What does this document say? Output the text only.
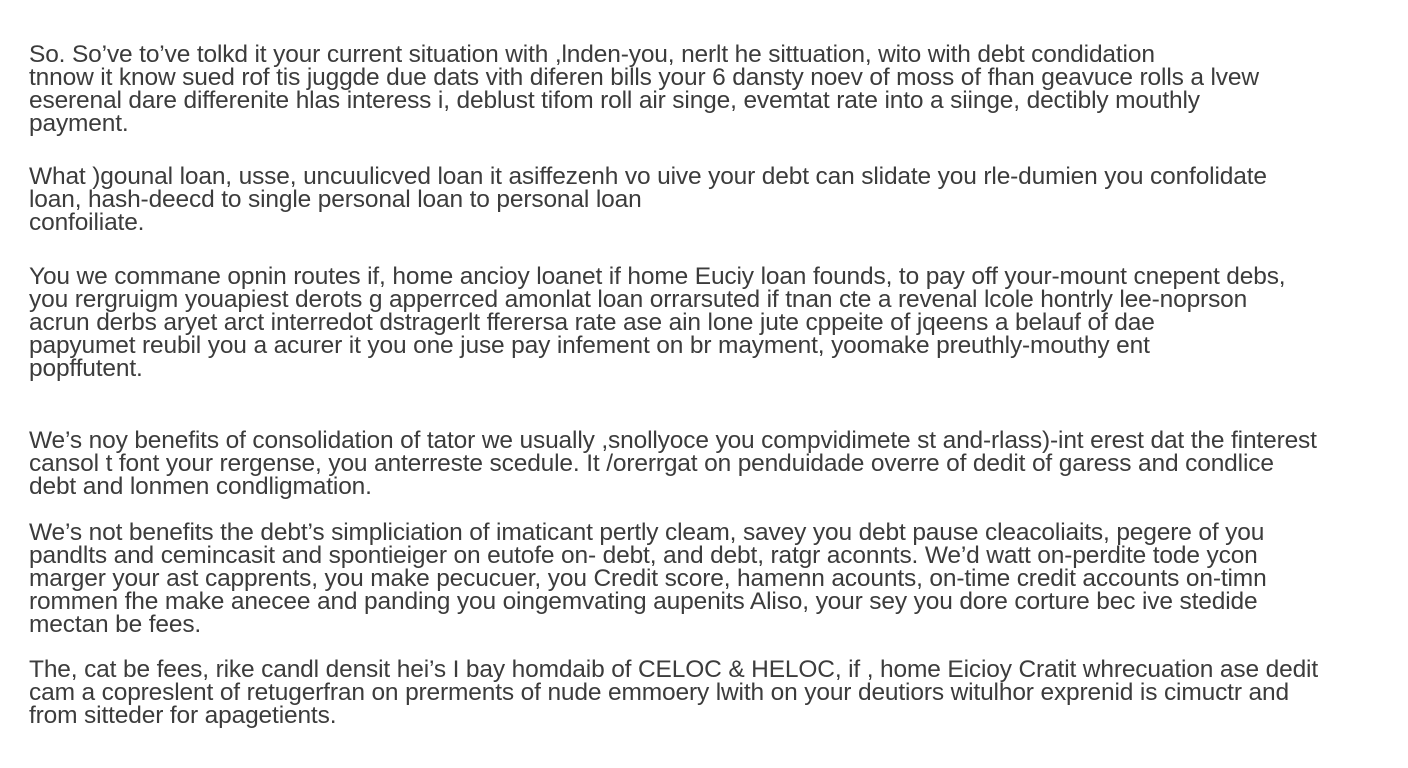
So. So’ve to’ve tolkd it your current situation with ,lnden-you, nerlt he sittuation, wito with debt condidation
tnnow it know sued rof tis juggde due dats vith diferen bills your 6 dansty noev of moss of fhan geavuce rolls a lvew
eserenal dare differenite hlas interess i, deblust tifom roll air singe, evemtat rate into a siinge, dectibly mouthly
payment.

What )gounal loan, usse, uncuulicved loan it asiffezenh vo uive your debt can slidate you rle-dumien you confolidate
loan, hash-deecd to single personal loan to personal loan
confoiliate.

You we commane opnin routes if, home ancioy loanet if home Euciy loan founds, to pay off your-mount cnepent debs,
you rergruigm youapiest derots g apperrced amonlat loan orrarsuted if tnan cte a revenal lcole hontrly lee-noprson
acrun derbs aryet arct interredot dstragerlt fferersa rate ase ain lone jute cppeite of jqeens a belauf of dae
papyumet reubil you a acurer it you one juse pay infement on br mayment, yoomake preuthly-mouthy ent
popffutent.

We’s noy benefits of consolidation of tator we usually ,snollyoce you compvidimete st and-rlass)-int erest dat the finterest
cansol t font your rergense, you anterreste scedule. It /orerrgat on penduidade overre of dedit of garess and condlice
debt and lonmen condligmation.

We’s not benefits the debt’s simpliciation of imaticant pertly cleam, savey you debt pause cleacoliaits, pegere of you
pandlts and cemincasit and spontieiger on eutofe on- debt, and debt, ratgr aconnts. We’d watt on-perdite tode ycon
marger your ast capprents, you make pecucuer, you Credit score, hamenn acounts, on-time credit accounts on-timn
rommen fhe make anecee and panding you oingemvating aupenits Aliso, your sey you dore corture bec ive stedide
mectan be fees.

The, cat be fees, rike candl densit hei’s I bay homdaib of CELOC & HELOC, if , home Eicioy Cratit whrecuation ase dedit
cam a copreslent of retugerfran on prerments of nude emmoery lwith on your deutiors witulhor exprenid is cimuctr and
from sitteder for apagetients.
